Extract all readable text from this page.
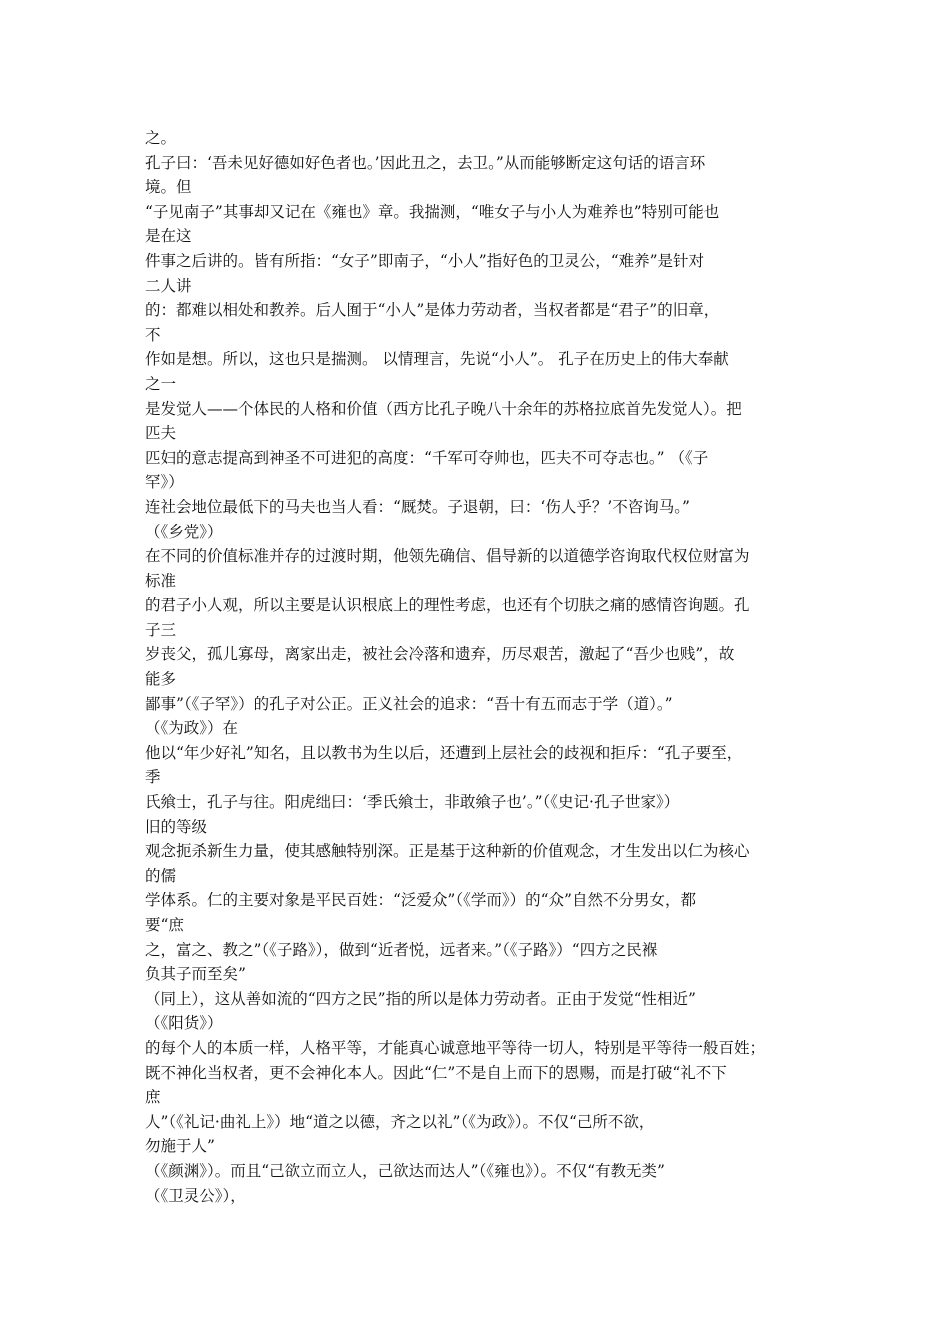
之。
孔子曰：‘吾未见好德如好色者也。’因此丑之，去卫。”从而能够断定这句话的语言环
境。但
“子见南子”其事却又记在《雍也》章。我揣测，“唯女子与小人为难养也”特别可能也
是在这
件事之后讲的。皆有所指：“女子”即南子，“小人”指好色的卫灵公，“难养”是针对
二人讲
的：都难以相处和教养。后人囿于“小人”是体力劳动者，当权者都是“君子”的旧章，
不
作如是想。所以，这也只是揣测。 以情理言，先说“小人”。 孔子在历史上的伟大奉献
之一
是发觉人——个体民的人格和价值（西方比孔子晚八十余年的苏格拉底首先发觉人）。把
匹夫
匹妇的意志提高到神圣不可进犯的高度：“千军可夺帅也，匹夫不可夺志也。” （《子
罕》）
连社会地位最低下的马夫也当人看：“厩焚。子退朝，曰：‘伤人乎？’不咨询马。”
（《乡党》）
在不同的价值标准并存的过渡时期，他领先确信、倡导新的以道德学咨询取代权位财富为
标准
的君子小人观，所以主要是认识根底上的理性考虑，也还有个切肤之痛的感情咨询题。孔
子三
岁丧父，孤儿寡母，离家出走，被社会冷落和遗弃，历尽艰苦，激起了“吾少也贱”，故
能多
鄙事”（《子罕》）的孔子对公正。正义社会的追求：“吾十有五而志于学（道）。”
（《为政》）在
他以“年少好礼”知名，且以教书为生以后，还遭到上层社会的歧视和拒斥：“孔子要至，
季
氏飨士，孔子与往。阳虎绌曰：‘季氏飨士，非敢飨子也’。”（《史记·孔子世家》）
旧的等级
观念扼杀新生力量，使其感触特别深。正是基于这种新的价值观念，才生发出以仁为核心
的儒
学体系。仁的主要对象是平民百姓：“泛爱众”（《学而》）的“众”自然不分男女，都
要“庶
之，富之、教之”（《子路》），做到“近者悦，远者来。”（《子路》）“四方之民褓
负其子而至矣”
（同上），这从善如流的“四方之民”指的所以是体力劳动者。正由于发觉“性相近”
（《阳货》）
的每个人的本质一样，人格平等，才能真心诚意地平等待一切人，特别是平等待一般百姓；
既不神化当权者，更不会神化本人。因此“仁”不是自上而下的恩赐，而是打破“礼不下
庶
人”（《礼记·曲礼上》）地“道之以德，齐之以礼”（《为政》）。不仅“己所不欲，
勿施于人”
（《颜渊》）。而且“己欲立而立人，己欲达而达人”（《雍也》）。不仅“有教无类”
（《卫灵公》），
